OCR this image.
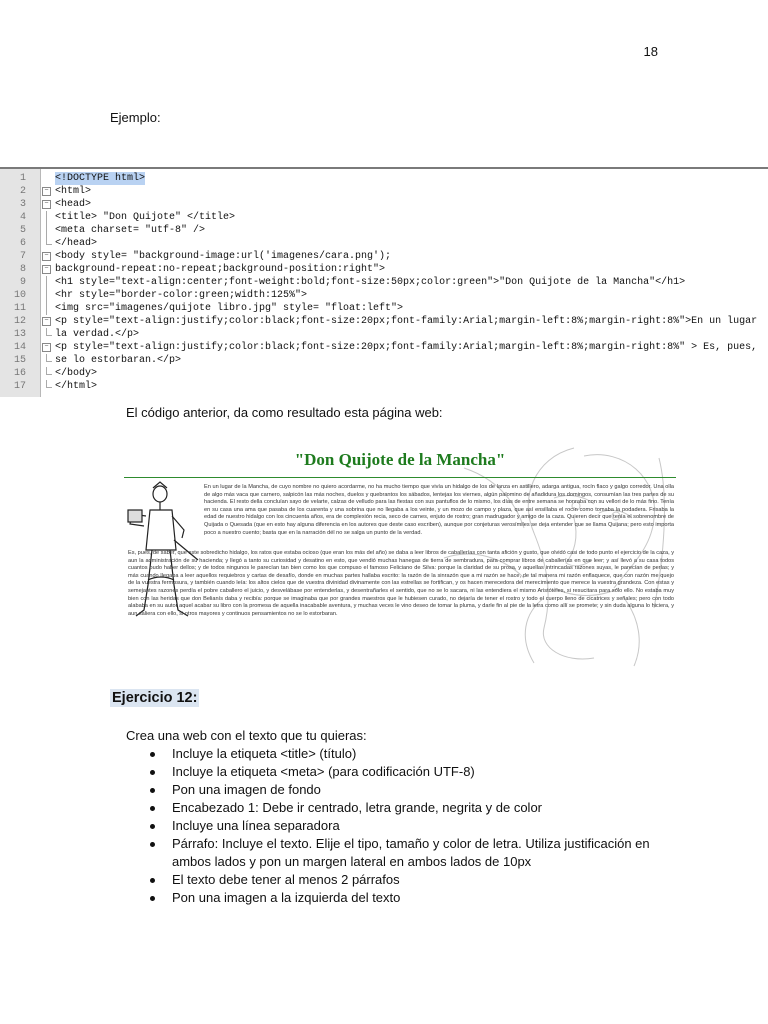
18
Ejemplo:
1	<!DOCTYPE html>
2	− <html>
3	− <head>
4	<title> "Don Quijote" </title>
5	<meta charset= "utf-8" />
6	</head>
7	− <body style= "background-image:url('imagenes/cara.png');
8	− background-repeat:no-repeat;background-position:right">
9	<h1 style="text-align:center;font-weight:bold;font-size:50px;color:green">"Don Quijote de la Mancha"</h1>
10	<hr style="border-color:green;width:125%">
11	<img src="imagenes/quijote libro.jpg" style= "float:left">
12	− <p style="text-align:justify;color:black;font-size:20px;font-family:Arial;margin-left:8%;margin-right:8%">En un lugar
13	la verdad.</p>
14	− <p style="text-align:justify;color:black;font-size:20px;font-family:Arial;margin-left:8%;margin-right:8%" > Es, pues,
15	se lo estorbaran.</p>
16	</body>
17	</html>
El código anterior, da como resultado esta página web:
"Don Quijote de la Mancha"
En un lugar de la Mancha, de cuyo nombre no quiero acordarme, no ha mucho tiempo que vivía un hidalgo de los de lanza en astillero, adarga antigua, rocín flaco y galgo corredor. Una olla de algo más vaca que carnero, salpicón las más noches, duelos y quebrantos los sábados, lentejas los viernes, algún palomino de añadidura los domingos, consumían las tres partes de su hacienda. El resto della concluían sayo de velarte, calzas de velludo para las fiestas con sus pantuflos de lo mismo, los días de entre semana se honraba con su vellori de lo más fino. Tenía en su casa una ama que pasaba de los cuarenta y una sobrina que no llegaba a los veinte, y un mozo de campo y plaza, que así ensillaba el rocín como tomaba la podadera. Frisaba la edad de nuestro hidalgo con los cincuenta años, era de complexión recia, seco de carnes, enjuto de rostro; gran madrugador y amigo de la caza. Quieren decir que tenía el sobrenombre de Quijada o Quesada (que en esto hay alguna diferencia en los autores que deste caso escriben), aunque por conjeturas verosímiles se deja entender que se llama Quijana; pero esto importa poco a nuestro cuento; basta que en la narración dél no se salga un punto de la verdad.
Es, pues, de saber, que este sobredicho hidalgo, los ratos que estaba ocioso (que eran los más del año) se daba a leer libros de caballerías con tanta afición y gusto, que olvidó casi de todo punto el ejercicio de la caza, y aun la administración de su hacienda; y llegó a tanto su curiosidad y desatino en esto, que vendió muchas hanegas de tierra de sembradura, para comprar libros de caballerías en que leer; y así llevó a su casa todos cuantos pudo haber dellos; y de todos ningunos le parecían tan bien como los que compuso el famoso Feliciano de Silva: porque la claridad de su prosa, y aquellas intrincadas razones suyas, le parecían de perlas; y más cuando llegaba a leer aquellos requiebros y cartas de desafío, donde en muchas partes hallaba escrito: la razón de la sinrazón que a mi razón se hace, de tal manera mi razón enflaquece, que con razón me quejo de la vuestra fermosura, y también cuando leía: los altos cielos que de vuestra divinidad divinamente con las estrellas se fortifican, y os hacen merecedora del merecimiento que merece la vuestra grandeza. Con estas y semejantes razones perdía el pobre caballero el juicio, y desvelábase por entenderlas, y desentrañarles el sentido, que no se lo sacara, ni las entendiera el mismo Aristóteles, si resucitara para sólo ello. No estaba muy bien con las heridas que don Belianís daba y recibía: porque se imaginaba que por grandes maestros que le hubiesen curado, no dejaría de tener el rostro y todo el cuerpo lleno de cicatrices y señales; pero con todo alababa en su autor aquel acabar su libro con la promesa de aquella inacabable aventura, y muchas veces le vino deseo de tomar la pluma, y darle fin al pie de la letra como allí se promete; y sin duda alguna lo hiciera, y aun saliera con ello, si otros mayores y continuos pensamientos no se lo estorbaran.
Ejercicio 12:
Crea una web con el texto que tu quieras:
Incluye la etiqueta <title> (título)
Incluye la etiqueta <meta> (para codificación UTF-8)
Pon una imagen de fondo
Encabezado 1: Debe ir centrado, letra grande, negrita y de color
Incluye una línea separadora
Párrafo: Incluye el texto. Elije el tipo, tamaño y color de letra. Utiliza justificación en ambos lados y pon un margen lateral en ambos lados de 10px
El texto debe tener al menos 2 párrafos
Pon una imagen a la izquierda del texto
